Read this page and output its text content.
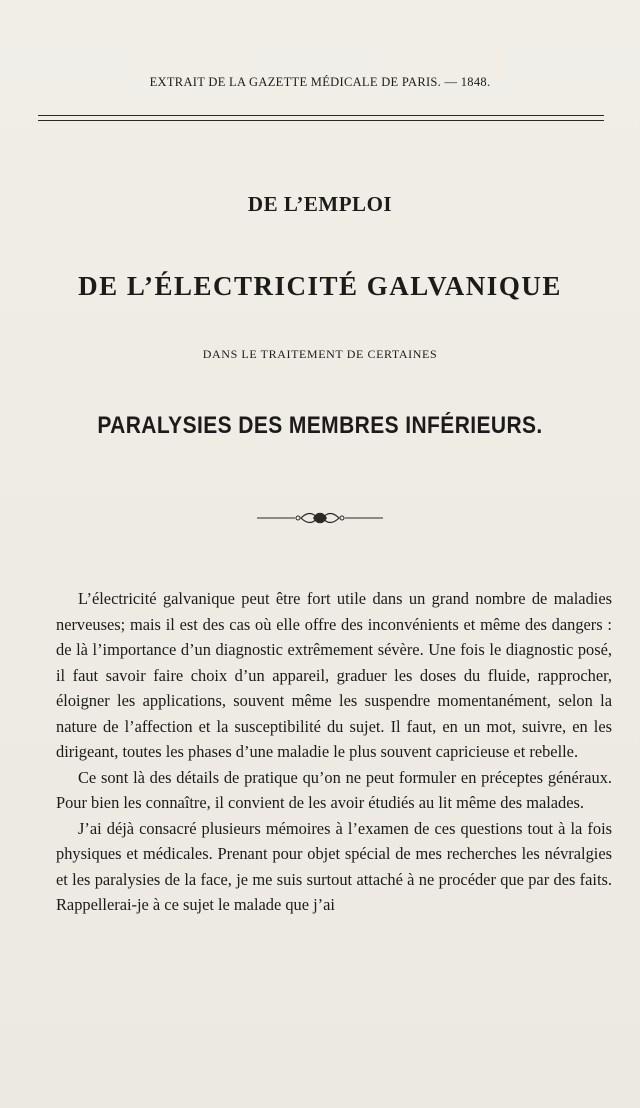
EXTRAIT DE LA GAZETTE MÉDICALE DE PARIS. — 1848.
DE L’EMPLOI
DE L’ÉLECTRICITÉ GALVANIQUE
DANS LE TRAITEMENT DE CERTAINES
PARALYSIES DES MEMBRES INFÉRIEURS.

L’électricité galvanique peut être fort utile dans un grand nombre de maladies nerveuses; mais il est des cas où elle offre des inconvénients et même des dangers : de là l’importance d’un diagnostic extrêmement sévère. Une fois le diagnostic posé, il faut savoir faire choix d’un appareil, graduer les doses du fluide, rapprocher, éloigner les applications, souvent même les suspendre momentanément, selon la nature de l’affection et la susceptibilité du sujet. Il faut, en un mot, suivre, en les dirigeant, toutes les phases d’une maladie le plus souvent capricieuse et rebelle.

Ce sont là des détails de pratique qu’on ne peut formuler en préceptes généraux. Pour bien les connaître, il convient de les avoir étudiés au lit même des malades.

J’ai déjà consacré plusieurs mémoires à l’examen de ces questions tout à la fois physiques et médicales. Prenant pour objet spécial de mes recherches les névralgies et les paralysies de la face, je me suis surtout attaché à ne procéder que par des faits. Rappellerai-je à ce sujet le malade que j’ai
